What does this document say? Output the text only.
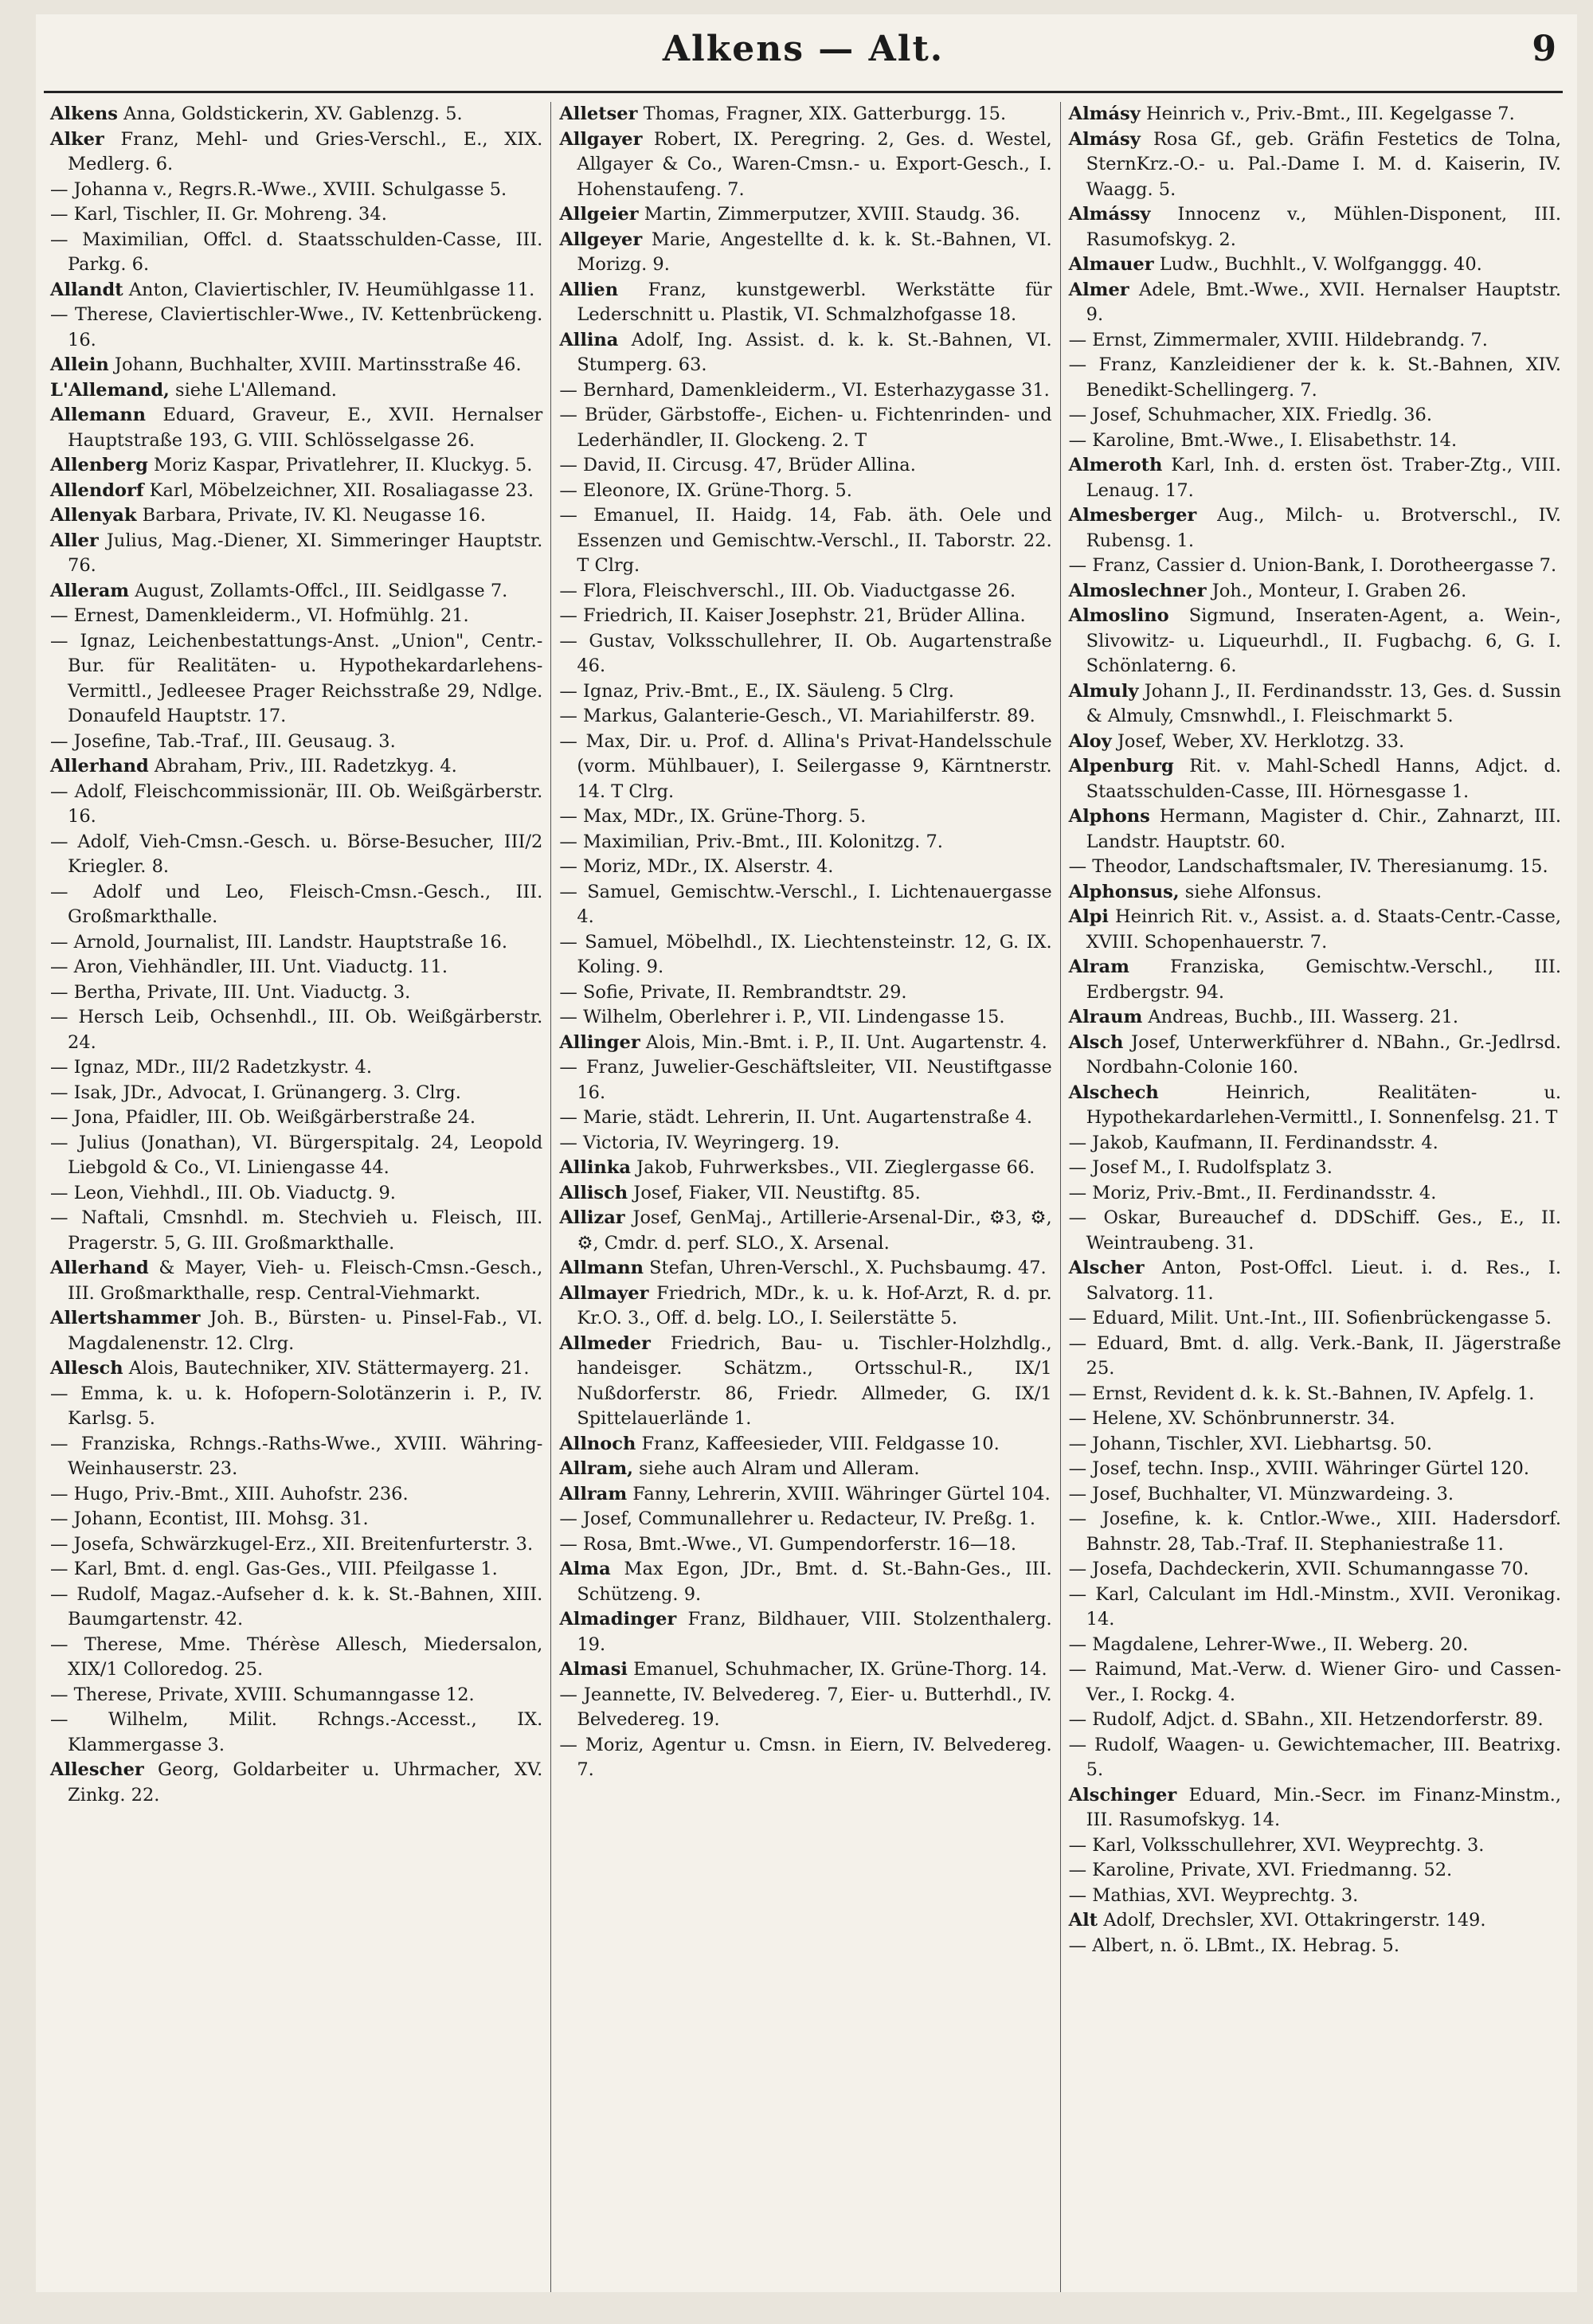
Alkens — Alt.	9
Alkens Anna, Goldstickerin, XV. Gablenzg. 5.
Alker Franz, Mehl- und Gries-Verschl., E., XIX. Medlerg. 6.
— Johanna v., Regrs.R.-Wwe., XVIII. Schulgasse 5.
— Karl, Tischler, II. Gr. Mohreng. 34.
— Maximilian, Offcl. d. Staatsschulden-Casse, III. Parkg. 6.
Allandt Anton, Claviertischler, IV. Heumühlgasse 11.
— Therese, Claviertischler-Wwe., IV. Kettenbrückeng. 16.
Allein Johann, Buchhalter, XVIII. Martinsstraße 46.
L'Allemand, siehe L'Allemand.
Allemann Eduard, Graveur, E., XVII. Hernalser Hauptstraße 193, G. VIII. Schlösselgasse 26.
Allenberg Moriz Kaspar, Privatlehrer, II. Kluckyg. 5.
Allendorf Karl, Möbelzeichner, XII. Rosaliagasse 23.
Allenyak Barbara, Private, IV. Kl. Neugasse 16.
Aller Julius, Mag.-Diener, XI. Simmeringer Hauptstr. 76.
Alleram August, Zollamts-Offcl., III. Seidlgasse 7.
— Ernest, Damenkleiderm., VI. Hofmühlg. 21.
— Ignaz, Leichenbestattungs-Anst. „Union", Centr.-Bur. für Realitäten- u. Hypothekardarlehens-Vermittl., Jedleesee Prager Reichsstraße 29, Ndlge. Donaufeld Hauptstr. 17.
— Josefine, Tab.-Traf., III. Geusaug. 3.
Allerhand Abraham, Priv., III. Radetzkyg. 4.
— Adolf, Fleischcommissionär, III. Ob. Weißgärberstr. 16.
— Adolf, Vieh-Cmsn.-Gesch. u. Börse-Besucher, III/2 Kriegler. 8.
— Adolf und Leo, Fleisch-Cmsn.-Gesch., III. Großmarkthalle.
— Arnold, Journalist, III. Landstr. Hauptstraße 16.
— Aron, Viehhändler, III. Unt. Viaductg. 11.
— Bertha, Private, III. Unt. Viaductg. 3.
— Hersch Leib, Ochsenhdl., III. Ob. Weißgärberstr. 24.
— Ignaz, MDr., III/2 Radetzkystr. 4.
— Isak, JDr., Advocat, I. Grünangerg. 3. Clrg.
— Jona, Pfaidler, III. Ob. Weißgärberstraße 24.
— Julius (Jonathan), VI. Bürgerspitalg. 24, Leopold Liebgold & Co., VI. Liniengasse 44.
— Leon, Viehhdl., III. Ob. Viaductg. 9.
— Naftali, Cmsnhdl. m. Stechvieh u. Fleisch, III. Pragerstr. 5, G. III. Großmarkthalle.
Allerhand & Mayer, Vieh- u. Fleisch-Cmsn.-Gesch., III. Großmarkthalle, resp. Central-Viehmarkt.
Allertshammer Joh. B., Bürsten- u. Pinsel-Fab., VI. Magdalenenstr. 12. Clrg.
Allesch Alois, Bautechniker, XIV. Stättermayerg. 21.
— Emma, k. u. k. Hofopern-Solotänzerin i. P., IV. Karlsg. 5.
— Franziska, Rchngs.-Raths-Wwe., XVIII. Währing-Weinhauserstr. 23.
— Hugo, Priv.-Bmt., XIII. Auhofstr. 236.
— Johann, Econtist, III. Mohsg. 31.
— Josefa, Schwärzkugel-Erz., XII. Breitenfurterstr. 3.
— Karl, Bmt. d. engl. Gas-Ges., VIII. Pfeilgasse 1.
— Rudolf, Magaz.-Aufseher d. k. k. St.-Bahnen, XIII. Baumgartenstr. 42.
— Therese, Mme. Thérèse Allesch, Miedersalon, XIX/1 Colloredog. 25.
— Therese, Private, XVIII. Schumanngasse 12.
— Wilhelm, Milit. Rchngs.-Accesst., IX. Klammergasse 3.
Allescher Georg, Goldarbeiter u. Uhrmacher, XV. Zinkg. 22.
Alletser Thomas, Fragner, XIX. Gatterburgg. 15.
Allgayer Robert, IX. Peregring. 2, Ges. d. Westel, Allgayer & Co., Waren-Cmsn.- u. Export-Gesch., I. Hohenstaufeng. 7.
Allgeier Martin, Zimmerputzer, XVIII. Staudg. 36.
Allgeyer Marie, Angestellte d. k. k. St.-Bahnen, VI. Morizg. 9.
Allien Franz, kunstgewerbl. Werkstätte für Lederschnitt u. Plastik, VI. Schmalzhofgasse 18.
Allina Adolf, Ing. Assist. d. k. k. St.-Bahnen, VI. Stumperg. 63.
— Bernhard, Damenkleiderm., VI. Esterhazygasse 31.
— Brüder, Gärbstoffe-, Eichen- u. Fichtenrinden- und Lederhändler, II. Glockeng. 2. T
— David, II. Circusg. 47, Brüder Allina.
— Eleonore, IX. Grüne-Thorg. 5.
— Emanuel, II. Haidg. 14, Fab. äth. Oele und Essenzen und Gemischtw.-Verschl., II. Taborstr. 22. T Clrg.
— Flora, Fleischverschl., III. Ob. Viaductgasse 26.
— Friedrich, II. Kaiser Josephstr. 21, Brüder Allina.
— Gustav, Volksschullehrer, II. Ob. Augartenstraße 46.
— Ignaz, Priv.-Bmt., E., IX. Säuleng. 5 Clrg.
— Markus, Galanterie-Gesch., VI. Mariahilferstr. 89.
— Max, Dir. u. Prof. d. Allina's Privat-Handelsschule (vorm. Mühlbauer), I. Seilergasse 9, Kärntnerstr. 14. T Clrg.
— Max, MDr., IX. Grüne-Thorg. 5.
— Maximilian, Priv.-Bmt., III. Kolonitzg. 7.
— Moriz, MDr., IX. Alserstr. 4.
— Samuel, Gemischtw.-Verschl., I. Lichtenauergasse 4.
— Samuel, Möbelhdl., IX. Liechtensteinstr. 12, G. IX. Koling. 9.
— Sofie, Private, II. Rembrandtstr. 29.
— Wilhelm, Oberlehrer i. P., VII. Lindengasse 15.
Allinger Alois, Min.-Bmt. i. P., II. Unt. Augartenstr. 4.
— Franz, Juwelier-Geschäftsleiter, VII. Neustiftgasse 16.
— Marie, städt. Lehrerin, II. Unt. Augartenstraße 4.
— Victoria, IV. Weyringerg. 19.
Allinka Jakob, Fuhrwerksbes., VII. Zieglergasse 66.
Allisch Josef, Fiaker, VII. Neustiftg. 85.
Allizar Josef, GenMaj., Artillerie-Arsenal-Dir., ⚙3, ⚙, ⚙, Cmdr. d. perf. SLO., X. Arsenal.
Allmann Stefan, Uhren-Verschl., X. Puchsbaumg. 47.
Allmayer Friedrich, MDr., k. u. k. Hof-Arzt, R. d. pr. Kr.O. 3., Off. d. belg. LO., I. Seilerstätte 5.
Allmeder Friedrich, Bau- u. Tischler-Holzhdlg., handeisger. Schätzm., Ortsschul-R., IX/1 Nußdorferstr. 86, Friedr. Allmeder, G. IX/1 Spittelauerlände 1.
Allnoch Franz, Kaffeesieder, VIII. Feldgasse 10.
Allram, siehe auch Alram und Alleram.
Allram Fanny, Lehrerin, XVIII. Währinger Gürtel 104.
— Josef, Communallehrer u. Redacteur, IV. Preßg. 1.
— Rosa, Bmt.-Wwe., VI. Gumpendorferstr. 16—18.
Alma Max Egon, JDr., Bmt. d. St.-Bahn-Ges., III. Schützeng. 9.
Almadinger Franz, Bildhauer, VIII. Stolzenthalerg. 19.
Almasi Emanuel, Schuhmacher, IX. Grüne-Thorg. 14.
— Jeannette, IV. Belvedereg. 7, Eier- u. Butterhdl., IV. Belvedereg. 19.
— Moriz, Agentur u. Cmsn. in Eiern, IV. Belvedereg. 7.
Almásy Heinrich v., Priv.-Bmt., III. Kegelgasse 7.
Almásy Rosa Gf., geb. Gräfin Festetics de Tolna, SternKrz.-O.- u. Pal.-Dame I. M. d. Kaiserin, IV. Waagg. 5.
Almássy Innocenz v., Mühlen-Disponent, III. Rasumofskyg. 2.
Almauer Ludw., Buchhlt., V. Wolfganggg. 40.
Almer Adele, Bmt.-Wwe., XVII. Hernalser Hauptstr. 9.
— Ernst, Zimmermaler, XVIII. Hildebrandg. 7.
— Franz, Kanzleidiener der k. k. St.-Bahnen, XIV. Benedikt-Schellingerg. 7.
— Josef, Schuhmacher, XIX. Friedlg. 36.
— Karoline, Bmt.-Wwe., I. Elisabethstr. 14.
Almeroth Karl, Inh. d. ersten öst. Traber-Ztg., VIII. Lenaug. 17.
Almesberger Aug., Milch- u. Brotverschl., IV. Rubensg. 1.
— Franz, Cassier d. Union-Bank, I. Dorotheergasse 7.
Almoslechner Joh., Monteur, I. Graben 26.
Almoslino Sigmund, Inseraten-Agent, a. Wein-, Slivowitz- u. Liqueurhdl., II. Fugbachg. 6, G. I. Schönlaterng. 6.
Almuly Johann J., II. Ferdinandsstr. 13, Ges. d. Sussin & Almuly, Cmsnwhdl., I. Fleischmarkt 5.
Aloy Josef, Weber, XV. Herklotzg. 33.
Alpenburg Rit. v. Mahl-Schedl Hanns, Adjct. d. Staatsschulden-Casse, III. Hörnesgasse 1.
Alphons Hermann, Magister d. Chir., Zahnarzt, III. Landstr. Hauptstr. 60.
— Theodor, Landschaftsmaler, IV. Theresianumg. 15.
Alphonsus, siehe Alfonsus.
Alpi Heinrich Rit. v., Assist. a. d. Staats-Centr.-Casse, XVIII. Schopenhauerstr. 7.
Alram Franziska, Gemischtw.-Verschl., III. Erdbergstr. 94.
Alraum Andreas, Buchb., III. Wasserg. 21.
Alsch Josef, Unterwerkführer d. NBahn., Gr.-Jedlrsd. Nordbahn-Colonie 160.
Alschech Heinrich, Realitäten- u. Hypothekardarlehen-Vermittl., I. Sonnenfelsg. 21. T
— Jakob, Kaufmann, II. Ferdinandsstr. 4.
— Josef M., I. Rudolfsplatz 3.
— Moriz, Priv.-Bmt., II. Ferdinandsstr. 4.
— Oskar, Bureauchef d. DDSchiff. Ges., E., II. Weintraubeng. 31.
Alscher Anton, Post-Offcl. Lieut. i. d. Res., I. Salvatorg. 11.
— Eduard, Milit. Unt.-Int., III. Sofienbrückengasse 5.
— Eduard, Bmt. d. allg. Verk.-Bank, II. Jägerstraße 25.
— Ernst, Revident d. k. k. St.-Bahnen, IV. Apfelg. 1.
— Helene, XV. Schönbrunnerstr. 34.
— Johann, Tischler, XVI. Liebhartsg. 50.
— Josef, techn. Insp., XVIII. Währinger Gürtel 120.
— Josef, Buchhalter, VI. Münzwardeing. 3.
— Josefine, k. k. Cntlor.-Wwe., XIII. Hadersdorf. Bahnstr. 28, Tab.-Traf. II. Stephaniestraße 11.
— Josefa, Dachdeckerin, XVII. Schumanngasse 70.
— Karl, Calculant im Hdl.-Minstm., XVII. Veronikag. 14.
— Magdalene, Lehrer-Wwe., II. Weberg. 20.
— Raimund, Mat.-Verw. d. Wiener Giro- und Cassen-Ver., I. Rockg. 4.
— Rudolf, Adjct. d. SBahn., XII. Hetzendorferstr. 89.
— Rudolf, Waagen- u. Gewichtemacher, III. Beatrixg. 5.
Alschinger Eduard, Min.-Secr. im Finanz-Minstm., III. Rasumofskyg. 14.
— Karl, Volksschullehrer, XVI. Weyprechtg. 3.
— Karoline, Private, XVI. Friedmanng. 52.
— Mathias, XVI. Weyprechtg. 3.
Alt Adolf, Drechsler, XVI. Ottakringerstr. 149.
— Albert, n. ö. LBmt., IX. Hebrag. 5.
